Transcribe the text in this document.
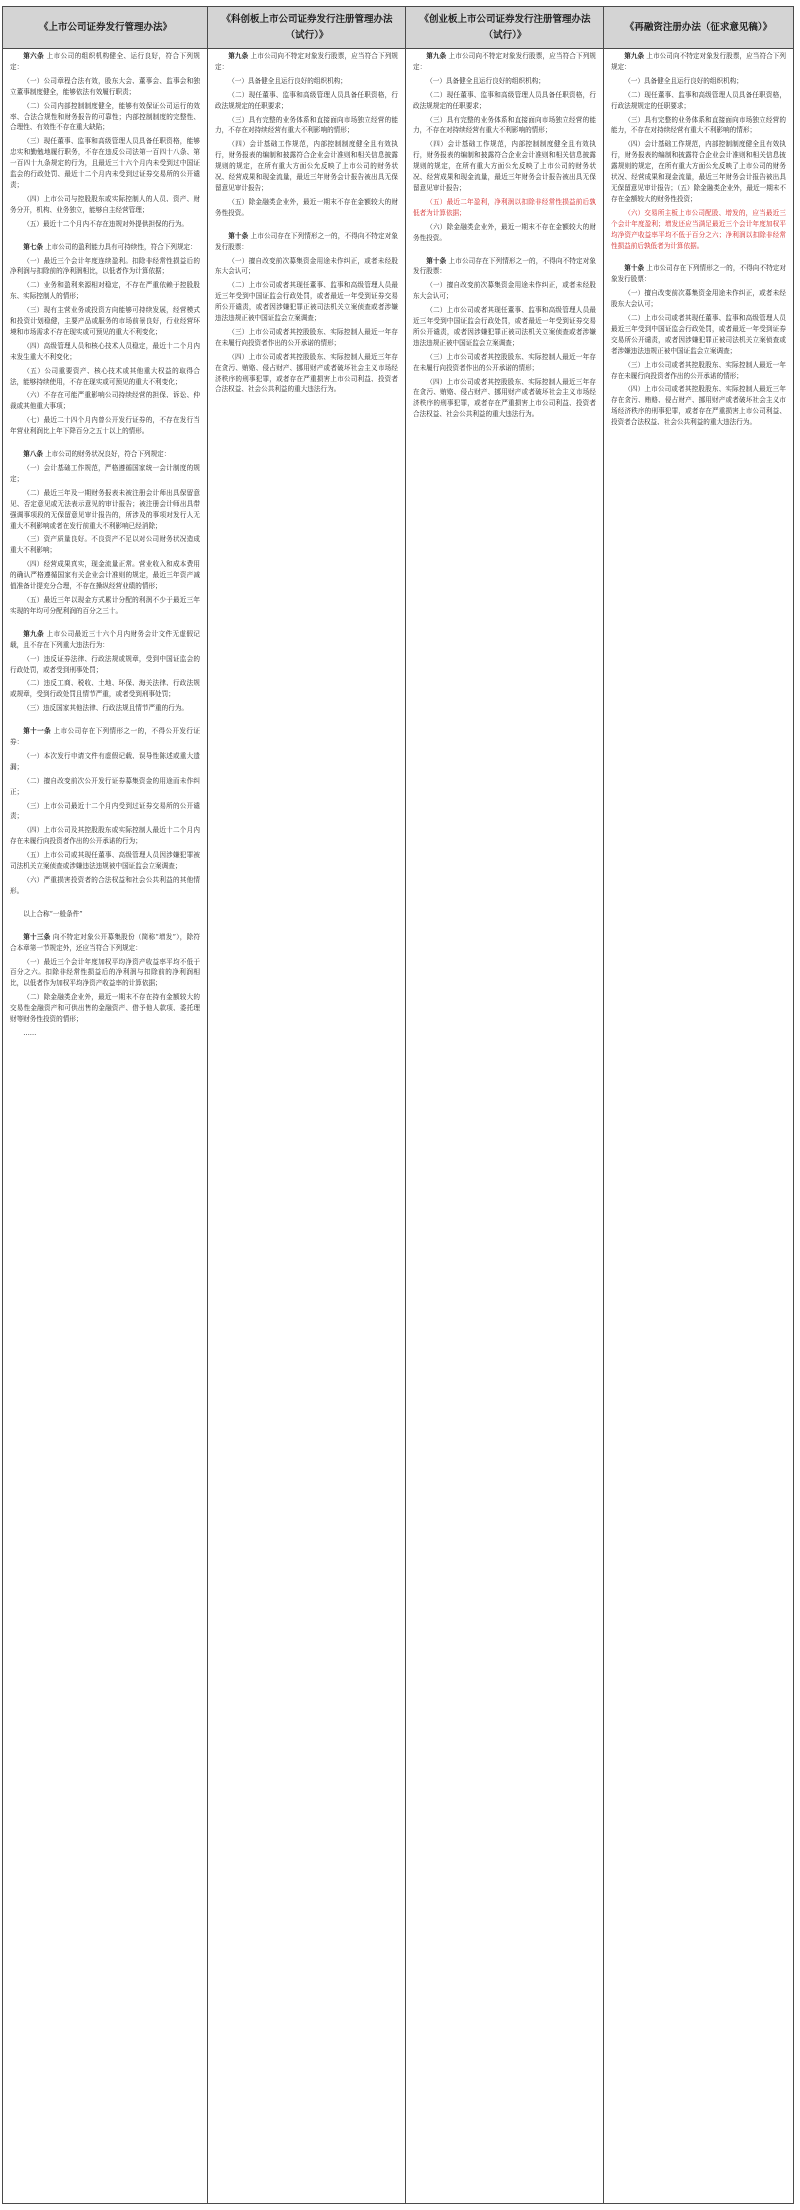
《上市公司证券发行管理办法》
《科创板上市公司证券发行注册管理办法（试行）》
《创业板上市公司证券发行注册管理办法（试行）》
《再融资注册办法（征求意见稿）》

第六条 上市公司的组织机构健全、运行良好，符合下列规定：

（一）公司章程合法有效，股东大会、董事会、监事会和独立董事制度健全，能够依法有效履行职责；

（二）公司内部控制制度健全，能够有效保证公司运行的效率、合法合规性和财务报告的可靠性；内部控制制度的完整性、合理性、有效性不存在重大缺陷；

（三）现任董事、监事和高级管理人员具备任职资格，能够忠实和勤勉地履行职务，不存在违反公司法第一百四十八条、第一百四十九条规定的行为，且最近三十六个月内未受到过中国证监会的行政处罚、最近十二个月内未受到过证券交易所的公开谴责；

（四）上市公司与控股股东或实际控制人的人员、资产、财务分开，机构、业务独立，能够自主经营管理；

（五）最近十二个月内不存在违规对外提供担保的行为。

第七条 上市公司的盈利能力具有可持续性，符合下列规定：

（一）最近三个会计年度连续盈利。扣除非经常性损益后的净利润与扣除前的净利润相比，以低者作为计算依据；

（二）业务和盈利来源相对稳定，不存在严重依赖于控股股东、实际控制人的情形；

（三）现有主营业务或投资方向能够可持续发展，经营模式和投资计划稳健，主要产品或服务的市场前景良好，行业经营环境和市场需求不存在现实或可预见的重大不利变化；

（四）高级管理人员和核心技术人员稳定，最近十二个月内未发生重大不利变化；

（五）公司重要资产、核心技术或其他重大权益的取得合法，能够持续使用，不存在现实或可预见的重大不利变化；

（六）不存在可能严重影响公司持续经营的担保、诉讼、仲裁或其他重大事项；

（七）最近二十四个月内曾公开发行证券的，不存在发行当年营业利润比上年下降百分之五十以上的情形。

第八条 上市公司的财务状况良好，符合下列规定：

（一）会计基础工作规范，严格遵循国家统一会计制度的规定；

（二）最近三年及一期财务报表未被注册会计师出具保留意见、否定意见或无法表示意见的审计报告；被注册会计师出具带强调事项段的无保留意见审计报告的，所涉及的事项对发行人无重大不利影响或者在发行前重大不利影响已经消除；

（三）资产质量良好。不良资产不足以对公司财务状况造成重大不利影响；

（四）经营成果真实，现金流量正常。营业收入和成本费用的确认严格遵循国家有关企业会计准则的规定，最近三年资产减值准备计提充分合理，不存在操纵经营业绩的情形；

（五）最近三年以现金方式累计分配的利润不少于最近三年实现的年均可分配利润的百分之三十。

第九条 上市公司最近三十六个月内财务会计文件无虚假记载，且不存在下列重大违法行为：

（一）违反证券法律、行政法规或规章，受到中国证监会的行政处罚，或者受到刑事处罚；

（二）违反工商、税收、土地、环保、海关法律、行政法规或规章，受到行政处罚且情节严重，或者受到刑事处罚；

（三）违反国家其他法律、行政法规且情节严重的行为。

第十一条 上市公司存在下列情形之一的，不得公开发行证券：

（一）本次发行申请文件有虚假记载、误导性陈述或重大遗漏；

（二）擅自改变前次公开发行证券募集资金的用途而未作纠正；

（三）上市公司最近十二个月内受到过证券交易所的公开谴责；

（四）上市公司及其控股股东或实际控制人最近十二个月内存在未履行向投资者作出的公开承诺的行为；

（五）上市公司或其现任董事、高级管理人员因涉嫌犯罪被司法机关立案侦查或涉嫌违法违规被中国证监会立案调查；

（六）严重损害投资者的合法权益和社会公共利益的其他情形。

以上合称“一般条件”

第十三条 向不特定对象公开募集股份（简称“增发”），除符合本章第一节规定外，还应当符合下列规定：

（一）最近三个会计年度加权平均净资产收益率平均不低于百分之六。扣除非经常性损益后的净利润与扣除前的净利润相比，以低者作为加权平均净资产收益率的计算依据；

（二）除金融类企业外，最近一期末不存在持有金额较大的交易性金融资产和可供出售的金融资产、借予他人款项、委托理财等财务性投资的情形；

……

第九条 上市公司向不特定对象发行股票，应当符合下列规定：

（一）具备健全且运行良好的组织机构；

（二）现任董事、监事和高级管理人员具备任职资格，行政法规规定的任职要求；

（三）具有完整的业务体系和直接面向市场独立经营的能力，不存在对持续经营有重大不利影响的情形；

（四）会计基础工作规范，内部控制制度健全且有效执行，财务报表的编制和披露符合企业会计准则和相关信息披露规则的规定，在所有重大方面公允反映了上市公司的财务状况、经营成果和现金流量，最近三年财务会计报告被出具无保留意见审计报告；

（五）除金融类企业外，最近一期末不存在金额较大的财务性投资。

第十条 上市公司存在下列情形之一的，不得向不特定对象发行股票：

（一）擅自改变前次募集资金用途未作纠正，或者未经股东大会认可；

（二）上市公司或者其现任董事、监事和高级管理人员最近三年受到中国证监会行政处罚，或者最近一年受到证券交易所公开谴责，或者因涉嫌犯罪正被司法机关立案侦查或者涉嫌违法违规正被中国证监会立案调查；

（三）上市公司或者其控股股东、实际控制人最近一年存在未履行向投资者作出的公开承诺的情形；

（四）上市公司或者其控股股东、实际控制人最近三年存在贪污、贿赂、侵占财产、挪用财产或者破坏社会主义市场经济秩序的刑事犯罪，或者存在严重损害上市公司利益、投资者合法权益、社会公共利益的重大违法行为。

第九条 上市公司向不特定对象发行股票，应当符合下列规定：

（一）具备健全且运行良好的组织机构；

（二）现任董事、监事和高级管理人员具备任职资格，行政法规规定的任职要求；

（三）具有完整的业务体系和直接面向市场独立经营的能力，不存在对持续经营有重大不利影响的情形；

（四）会计基础工作规范，内部控制制度健全且有效执行，财务报表的编制和披露符合企业会计准则和相关信息披露规则的规定，在所有重大方面公允反映了上市公司的财务状况、经营成果和现金流量，最近三年财务会计报告被出具无保留意见审计报告；

（五）最近二年盈利，净利润以扣除非经常性损益前后孰低者为计算依据；

（六）除金融类企业外，最近一期末不存在金额较大的财务性投资。

第十条 上市公司存在下列情形之一的，不得向不特定对象发行股票：

（一）擅自改变前次募集资金用途未作纠正，或者未经股东大会认可；

（二）上市公司或者其现任董事、监事和高级管理人员最近三年受到中国证监会行政处罚，或者最近一年受到证券交易所公开谴责，或者因涉嫌犯罪正被司法机关立案侦查或者涉嫌违法违规正被中国证监会立案调查；

（三）上市公司或者其控股股东、实际控制人最近一年存在未履行向投资者作出的公开承诺的情形；

（四）上市公司或者其控股股东、实际控制人最近三年存在贪污、贿赂、侵占财产、挪用财产或者破坏社会主义市场经济秩序的刑事犯罪，或者存在严重损害上市公司利益、投资者合法权益、社会公共利益的重大违法行为。

第九条 上市公司向不特定对象发行股票，应当符合下列规定：

（一）具备健全且运行良好的组织机构；

（二）现任董事、监事和高级管理人员具备任职资格，行政法规规定的任职要求；

（三）具有完整的业务体系和直接面向市场独立经营的能力，不存在对持续经营有重大不利影响的情形；

（四）会计基础工作规范，内部控制制度健全且有效执行，财务报表的编制和披露符合企业会计准则和相关信息披露规则的规定，在所有重大方面公允反映了上市公司的财务状况、经营成果和现金流量，最近三年财务会计报告被出具无保留意见审计报告；（五）除金融类企业外，最近一期末不存在金额较大的财务性投资；

（六）交易所主板上市公司配股、增发的，应当最近三个会计年度盈利；增发还应当满足最近三个会计年度加权平均净资产收益率平均不低于百分之六；净利润以扣除非经常性损益前后孰低者为计算依据。

第十条 上市公司存在下列情形之一的，不得向不特定对象发行股票：

（一）擅自改变前次募集资金用途未作纠正，或者未经股东大会认可；

（二）上市公司或者其现任董事、监事和高级管理人员最近三年受到中国证监会行政处罚，或者最近一年受到证券交易所公开谴责，或者因涉嫌犯罪正被司法机关立案侦查或者涉嫌违法违规正被中国证监会立案调查；

（三）上市公司或者其控股股东、实际控制人最近一年存在未履行向投资者作出的公开承诺的情形；

（四）上市公司或者其控股股东、实际控制人最近三年存在贪污、贿赂、侵占财产、挪用财产或者破坏社会主义市场经济秩序的刑事犯罪，或者存在严重损害上市公司利益、投资者合法权益、社会公共利益的重大违法行为。
